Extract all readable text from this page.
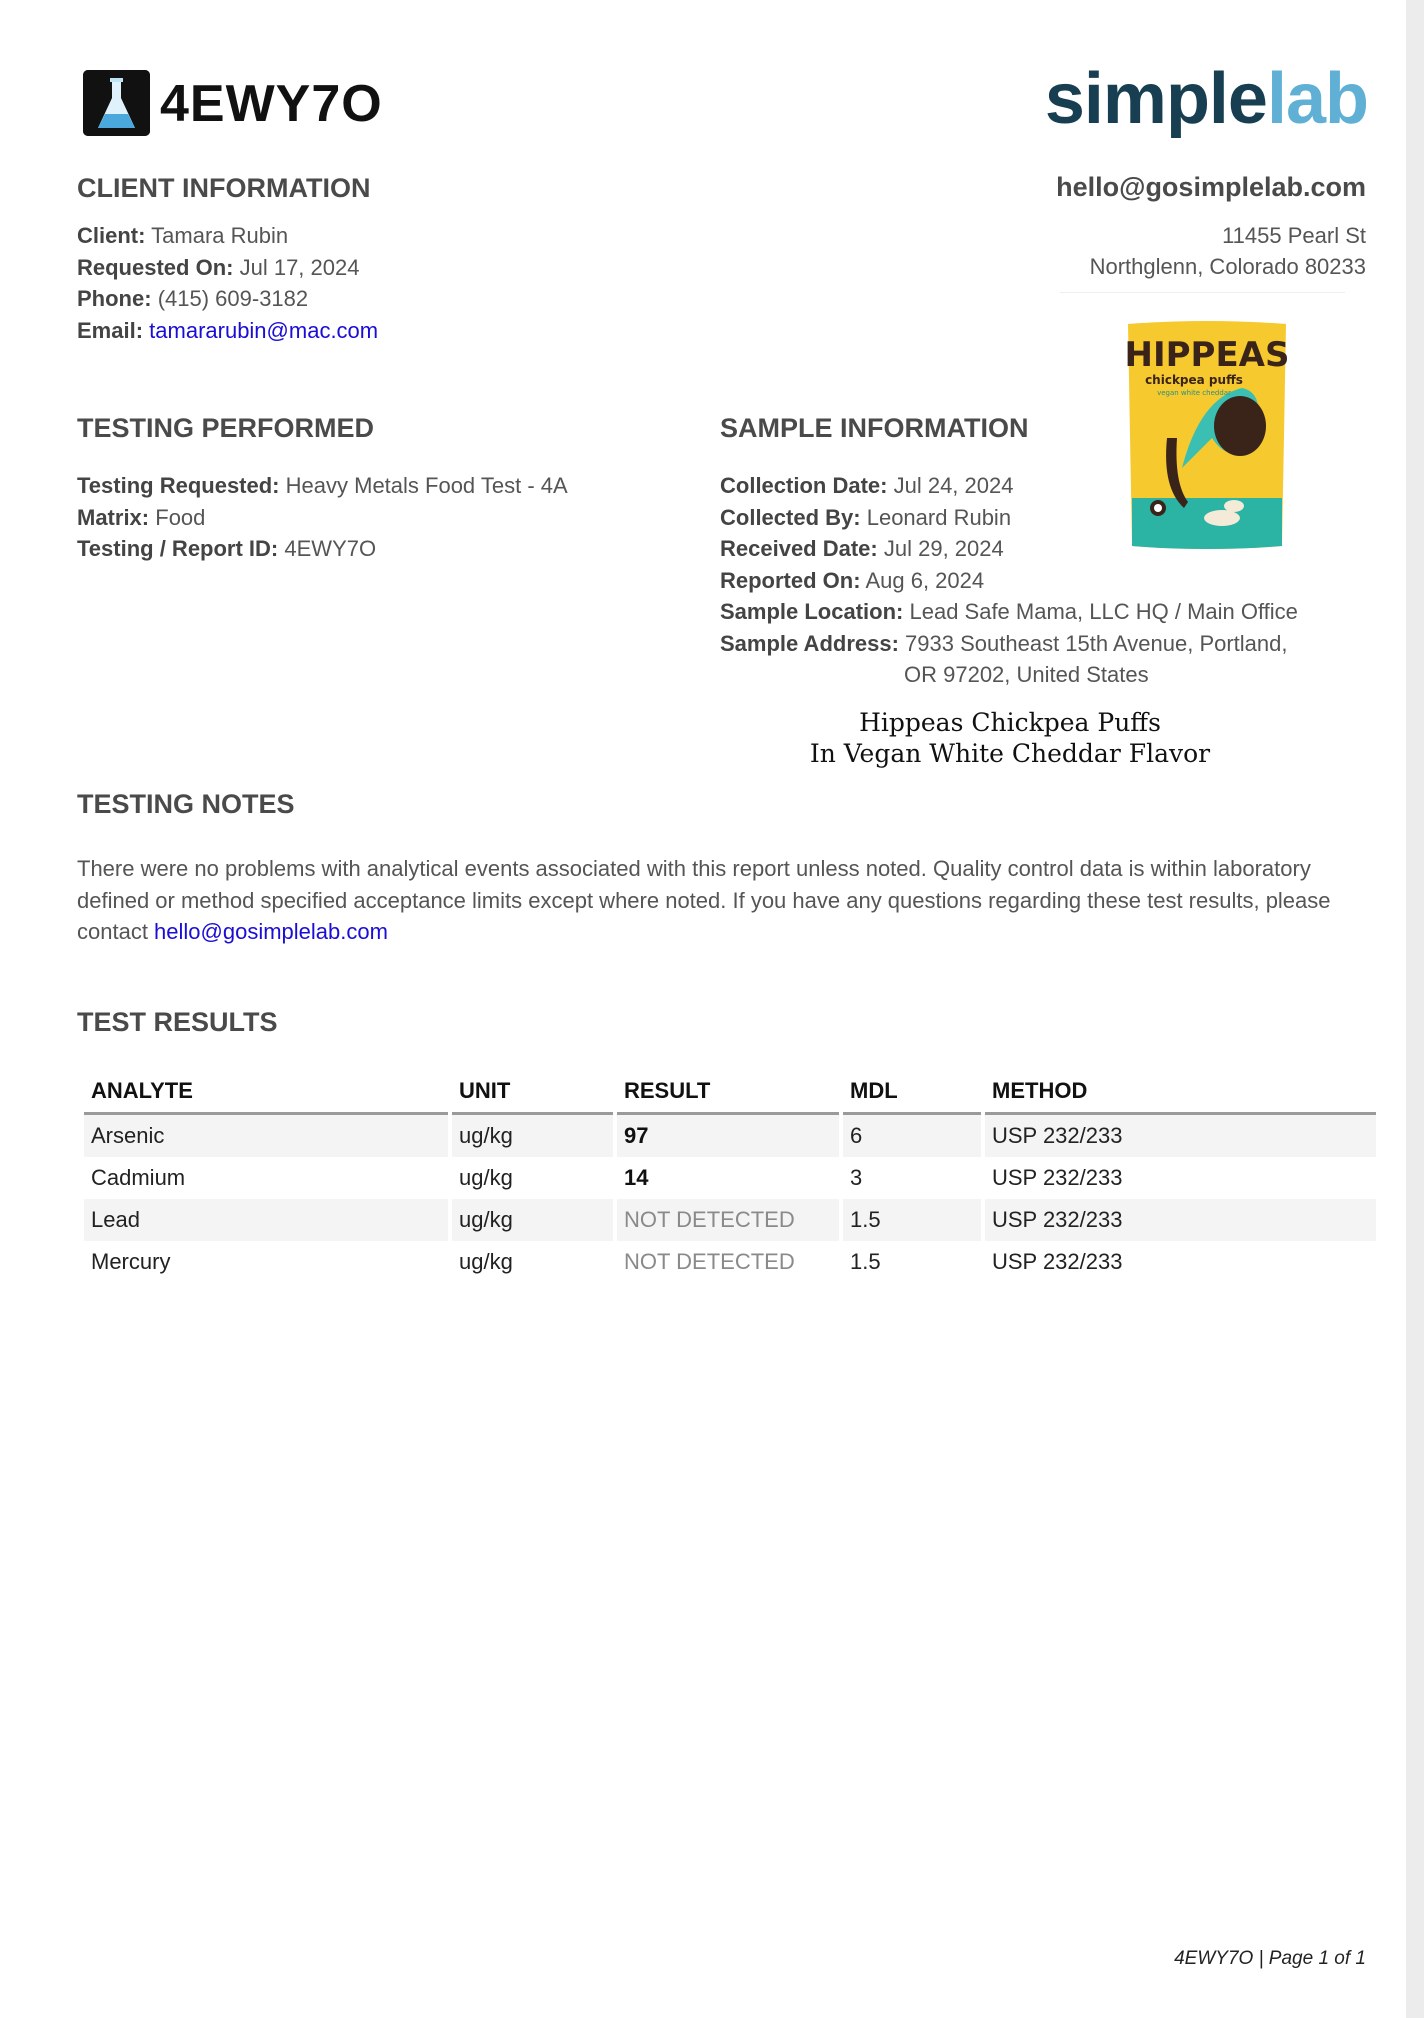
4EWY7O	simplelab
CLIENT INFORMATION
Client: Tamara Rubin
Requested On: Jul 17, 2024
Phone: (415) 609-3182
Email: tamararubin@mac.com
hello@gosimplelab.com
11455 Pearl St
Northglenn, Colorado 80233
HIPPEAS
chickpea puffs
vegan white cheddar
TESTING PERFORMED
Testing Requested: Heavy Metals Food Test - 4A
Matrix: Food
Testing / Report ID: 4EWY7O
SAMPLE INFORMATION
Collection Date: Jul 24, 2024
Collected By: Leonard Rubin
Received Date: Jul 29, 2024
Reported On: Aug 6, 2024
Sample Location: Lead Safe Mama, LLC HQ / Main Office
Sample Address: 7933 Southeast 15th Avenue, Portland,
OR 97202, United States
Hippeas Chickpea Puffs
In Vegan White Cheddar Flavor
TESTING NOTES
There were no problems with analytical events associated with this report unless noted. Quality control data is within laboratory defined or method specified acceptance limits except where noted. If you have any questions regarding these test results, please contact hello@gosimplelab.com
TEST RESULTS
ANALYTE	UNIT	RESULT	MDL	METHOD
Arsenic	ug/kg	97	6	USP 232/233
Cadmium	ug/kg	14	3	USP 232/233
Lead	ug/kg	NOT DETECTED	1.5	USP 232/233
Mercury	ug/kg	NOT DETECTED	1.5	USP 232/233
4EWY7O | Page 1 of 1
